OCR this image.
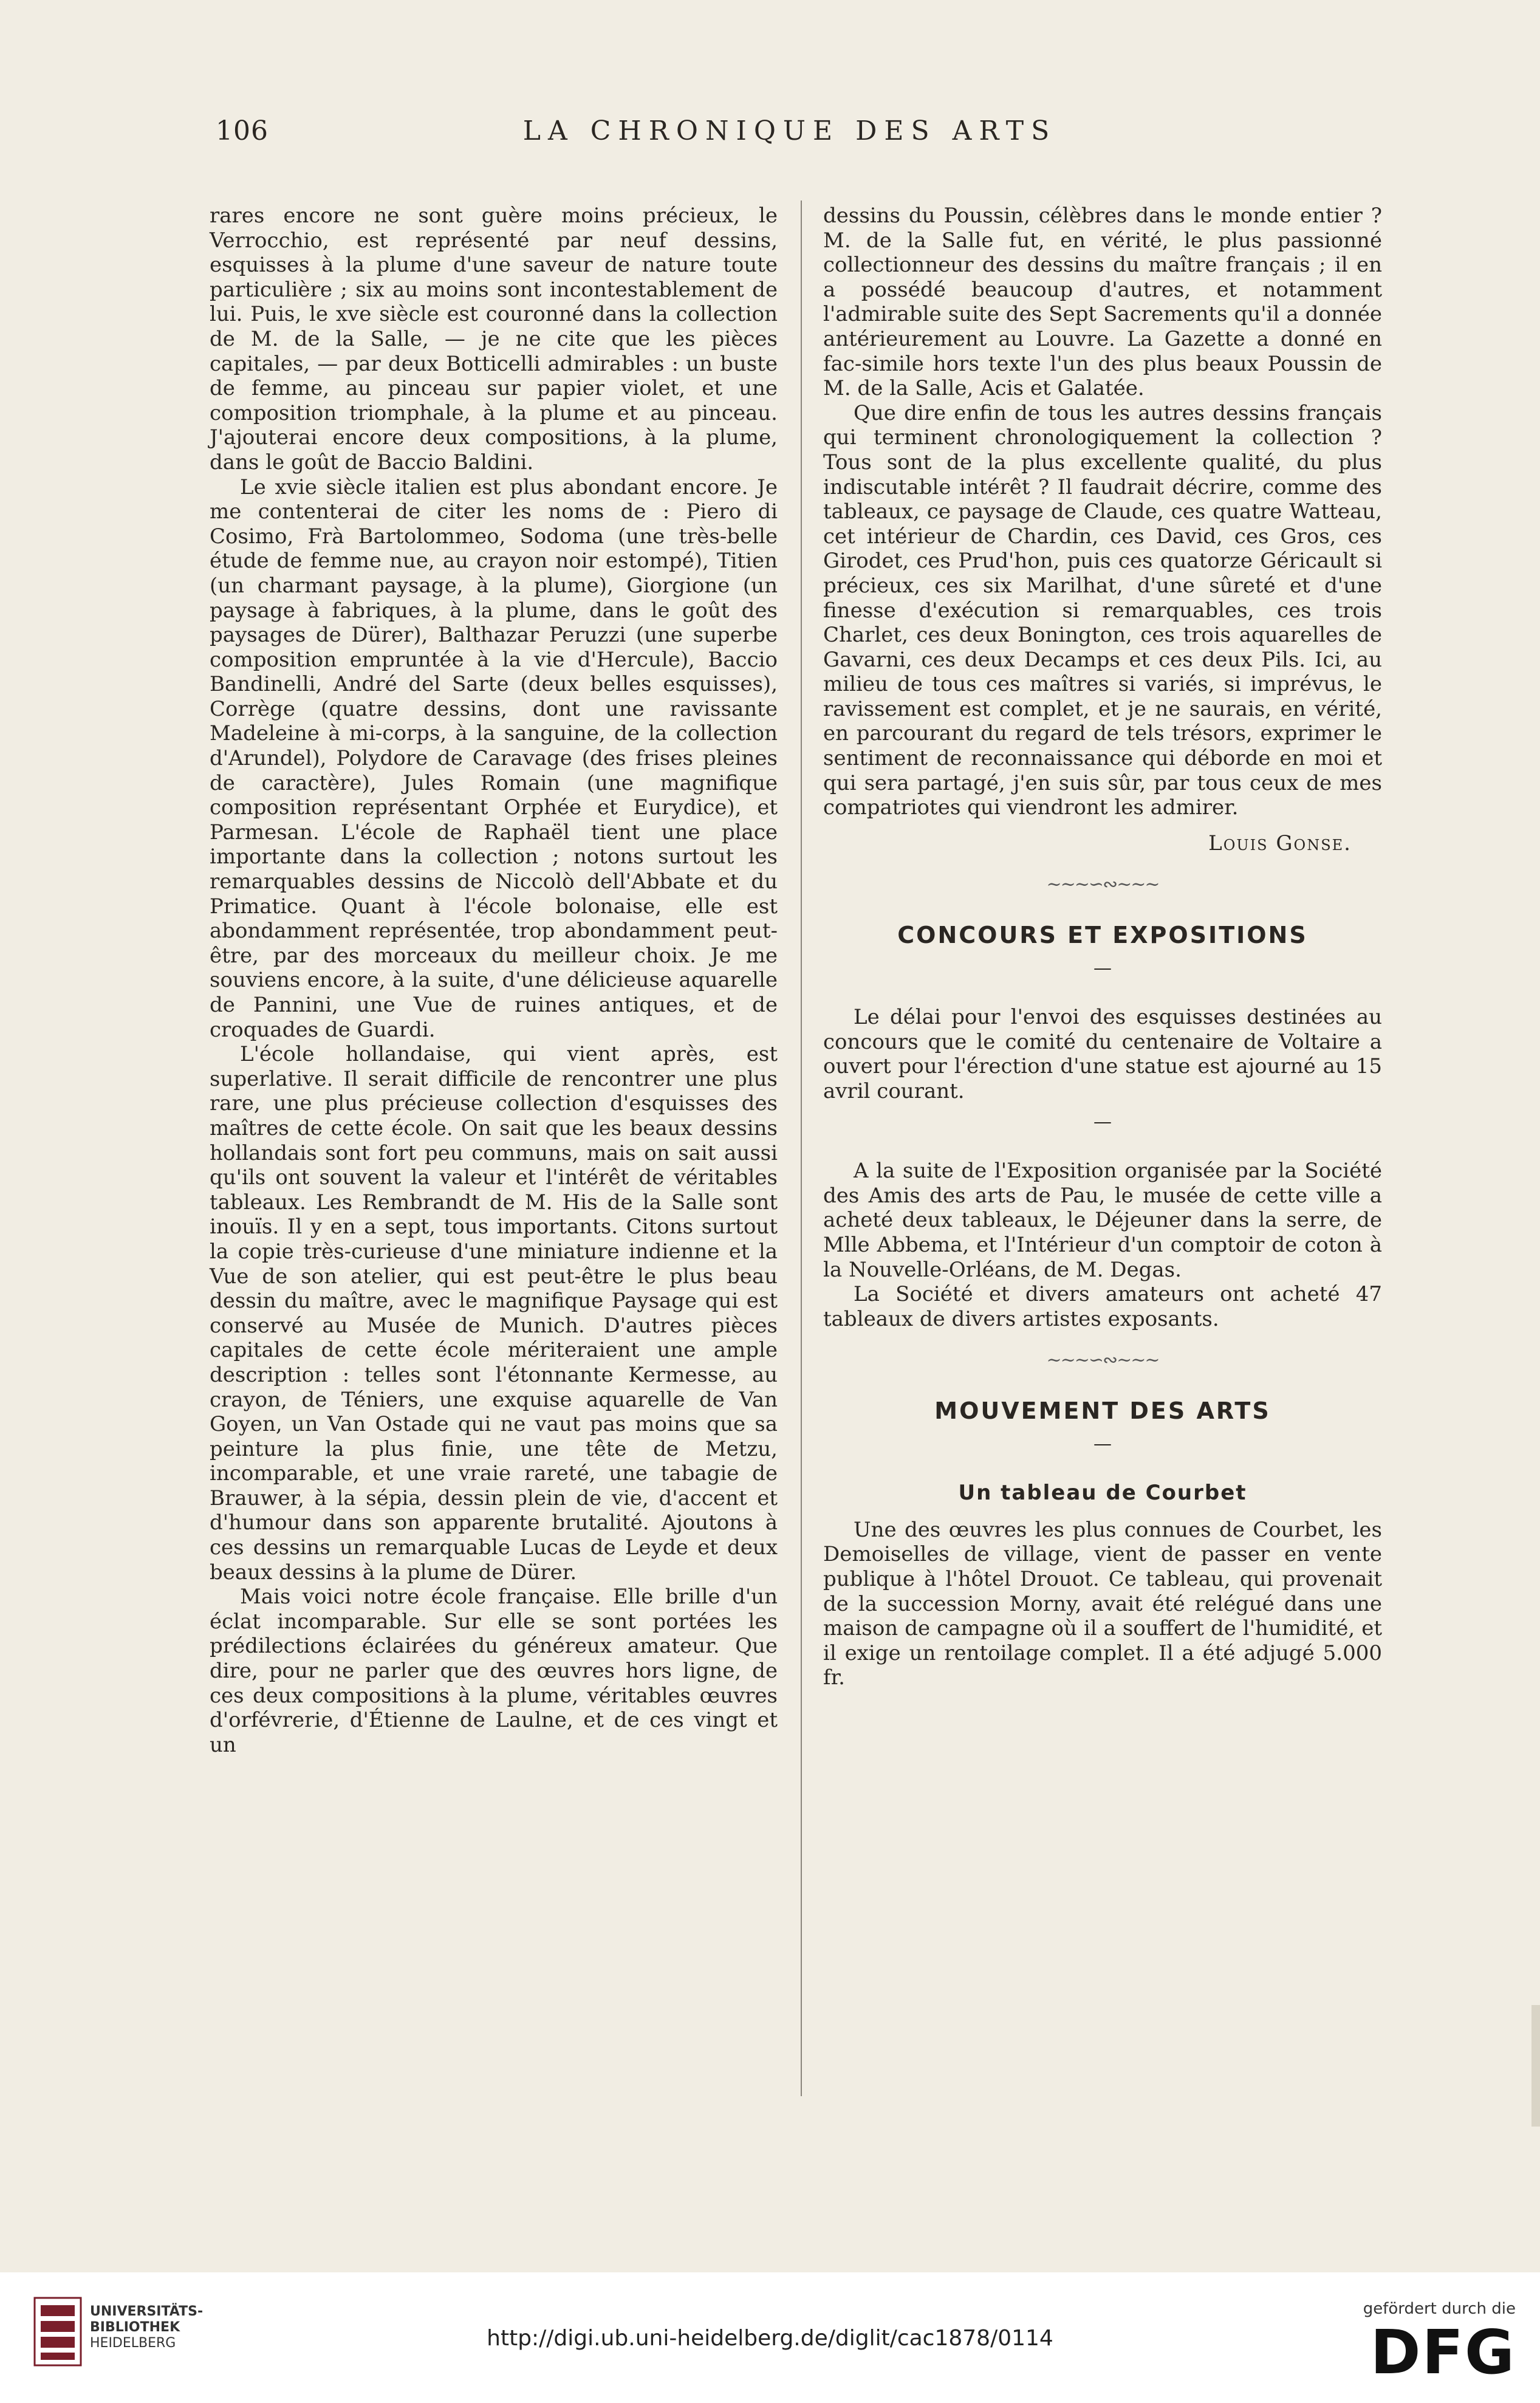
106	LA CHRONIQUE DES ARTS

rares encore ne sont guère moins précieux, le Verrocchio, est représenté par neuf dessins, esquisses à la plume d'une saveur de nature toute particulière ; six au moins sont incontestablement de lui. Puis, le xve siècle est couronné dans la collection de M. de la Salle, — je ne cite que les pièces capitales, — par deux Botticelli admirables : un buste de femme, au pinceau sur papier violet, et une composition triomphale, à la plume et au pinceau. J'ajouterai encore deux compositions, à la plume, dans le goût de Baccio Baldini.

Le xvie siècle italien est plus abondant encore. Je me contenterai de citer les noms de : Piero di Cosimo, Frà Bartolommeo, Sodoma (une très-belle étude de femme nue, au crayon noir estompé), Titien (un charmant paysage, à la plume), Giorgione (un paysage à fabriques, à la plume, dans le goût des paysages de Dürer), Balthazar Peruzzi (une superbe composition empruntée à la vie d'Hercule), Baccio Bandinelli, André del Sarte (deux belles esquisses), Corrège (quatre dessins, dont une ravissante Madeleine à mi-corps, à la sanguine, de la collection d'Arundel), Polydore de Caravage (des frises pleines de caractère), Jules Romain (une magnifique composition représentant Orphée et Eurydice), et Parmesan. L'école de Raphaël tient une place importante dans la collection ; notons surtout les remarquables dessins de Niccolò dell'Abbate et du Primatice. Quant à l'école bolonaise, elle est abondamment représentée, trop abondamment peut-être, par des morceaux du meilleur choix. Je me souviens encore, à la suite, d'une délicieuse aquarelle de Pannini, une Vue de ruines antiques, et de croquades de Guardi.

L'école hollandaise, qui vient après, est superlative. Il serait difficile de rencontrer une plus rare, une plus précieuse collection d'esquisses des maîtres de cette école. On sait que les beaux dessins hollandais sont fort peu communs, mais on sait aussi qu'ils ont souvent la valeur et l'intérêt de véritables tableaux. Les Rembrandt de M. His de la Salle sont inouïs. Il y en a sept, tous importants. Citons surtout la copie très-curieuse d'une miniature indienne et la Vue de son atelier, qui est peut-être le plus beau dessin du maître, avec le magnifique Paysage qui est conservé au Musée de Munich. D'autres pièces capitales de cette école mériteraient une ample description : telles sont l'étonnante Kermesse, au crayon, de Téniers, une exquise aquarelle de Van Goyen, un Van Ostade qui ne vaut pas moins que sa peinture la plus finie, une tête de Metzu, incomparable, et une vraie rareté, une tabagie de Brauwer, à la sépia, dessin plein de vie, d'accent et d'humour dans son apparente brutalité. Ajoutons à ces dessins un remarquable Lucas de Leyde et deux beaux dessins à la plume de Dürer.

Mais voici notre école française. Elle brille d'un éclat incomparable. Sur elle se sont portées les prédilections éclairées du généreux amateur. Que dire, pour ne parler que des œuvres hors ligne, de ces deux compositions à la plume, véritables œuvres d'orfévrerie, d'Étienne de Laulne, et de ces vingt et un

dessins du Poussin, célèbres dans le monde entier ? M. de la Salle fut, en vérité, le plus passionné collectionneur des dessins du maître français ; il en a possédé beaucoup d'autres, et notamment l'admirable suite des Sept Sacrements qu'il a donnée antérieurement au Louvre. La Gazette a donné en fac-simile hors texte l'un des plus beaux Poussin de M. de la Salle, Acis et Galatée.

Que dire enfin de tous les autres dessins français qui terminent chronologiquement la collection ? Tous sont de la plus excellente qualité, du plus indiscutable intérêt ? Il faudrait décrire, comme des tableaux, ce paysage de Claude, ces quatre Watteau, cet intérieur de Chardin, ces David, ces Gros, ces Girodet, ces Prud'hon, puis ces quatorze Géricault si précieux, ces six Marilhat, d'une sûreté et d'une finesse d'exécution si remarquables, ces trois Charlet, ces deux Bonington, ces trois aquarelles de Gavarni, ces deux Decamps et ces deux Pils. Ici, au milieu de tous ces maîtres si variés, si imprévus, le ravissement est complet, et je ne saurais, en vérité, en parcourant du regard de tels trésors, exprimer le sentiment de reconnaissance qui déborde en moi et qui sera partagé, j'en suis sûr, par tous ceux de mes compatriotes qui viendront les admirer.

Louis Gonse.
~~~∽∾~~~
CONCOURS ET EXPOSITIONS
—

Le délai pour l'envoi des esquisses destinées au concours que le comité du centenaire de Voltaire a ouvert pour l'érection d'une statue est ajourné au 15 avril courant.

—

A la suite de l'Exposition organisée par la Société des Amis des arts de Pau, le musée de cette ville a acheté deux tableaux, le Déjeuner dans la serre, de Mlle Abbema, et l'Intérieur d'un comptoir de coton à la Nouvelle-Orléans, de M. Degas.

La Société et divers amateurs ont acheté 47 tableaux de divers artistes exposants.

~~~∽∾~~~
MOUVEMENT DES ARTS
—
Un tableau de Courbet

Une des œuvres les plus connues de Courbet, les Demoiselles de village, vient de passer en vente publique à l'hôtel Drouot. Ce tableau, qui provenait de la succession Morny, avait été relégué dans une maison de campagne où il a souffert de l'humidité, et il exige un rentoilage complet. Il a été adjugé 5.000 fr.

UNIVERSITÄTS-
BIBLIOTHEK
HEIDELBERG	http://digi.ub.uni-heidelberg.de/diglit/cac1878/0114
gefördert durch die
DFG
